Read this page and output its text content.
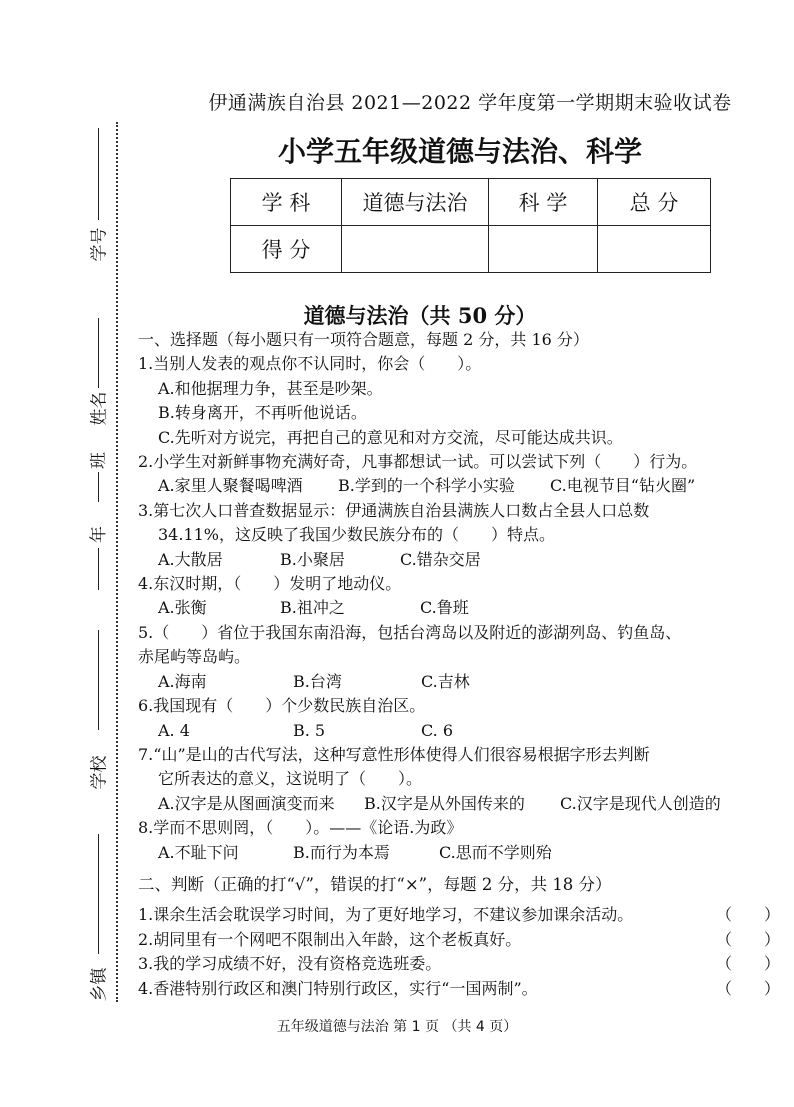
学号
姓名
班
年
学校
乡镇
伊通满族自治县 2021—2022 学年度第一学期期末验收试卷
小学五年级道德与法治、科学
学 科	道德与法治	科 学	总 分
得 分			
道德与法治（共 50 分）
一、选择题（每小题只有一项符合题意，每题 2 分，共 16 分）
1.当别人发表的观点你不认同时，你会（　　）。
A.和他据理力争，甚至是吵架。
B.转身离开，不再听他说话。
C.先听对方说完，再把自己的意见和对方交流，尽可能达成共识。
2.小学生对新鲜事物充满好奇，凡事都想试一试。可以尝试下列（　　）行为。
A.家里人聚餐喝啤酒	B.学到的一个科学小实验	C.电视节目“钻火圈”
3.第七次人口普查数据显示：伊通满族自治县满族人口数占全县人口总数
34.11%，这反映了我国少数民族分布的（　　）特点。
A.大散居	B.小聚居	C.错杂交居
4.东汉时期，（　　）发明了地动仪。
A.张衡	B.祖冲之	C.鲁班
5.（　　）省位于我国东南沿海，包括台湾岛以及附近的澎湖列岛、钓鱼岛、
赤尾屿等岛屿。
A.海南	B.台湾	C.吉林
6.我国现有（　　）个少数民族自治区。
A. 4	B. 5	C. 6
7.“山”是山的古代写法，这种写意性形体使得人们很容易根据字形去判断
它所表达的意义，这说明了（　　）。
A.汉字是从图画演变而来	B.汉字是从外国传来的	C.汉字是现代人创造的
8.学而不思则罔，（　　）。——《论语.为政》
A.不耻下问	B.而行为本焉	C.思而不学则殆
二、判断（正确的打“√”，错误的打“×”，每题 2 分，共 18 分）
1.课余生活会耽误学习时间，为了更好地学习，不建议参加课余活动。	（　　）
2.胡同里有一个网吧不限制出入年龄，这个老板真好。	（　　）
3.我的学习成绩不好，没有资格竞选班委。	（　　）
4.香港特别行政区和澳门特别行政区，实行“一国两制”。	（　　）
五年级道德与法治 第 1 页 （共 4 页）
